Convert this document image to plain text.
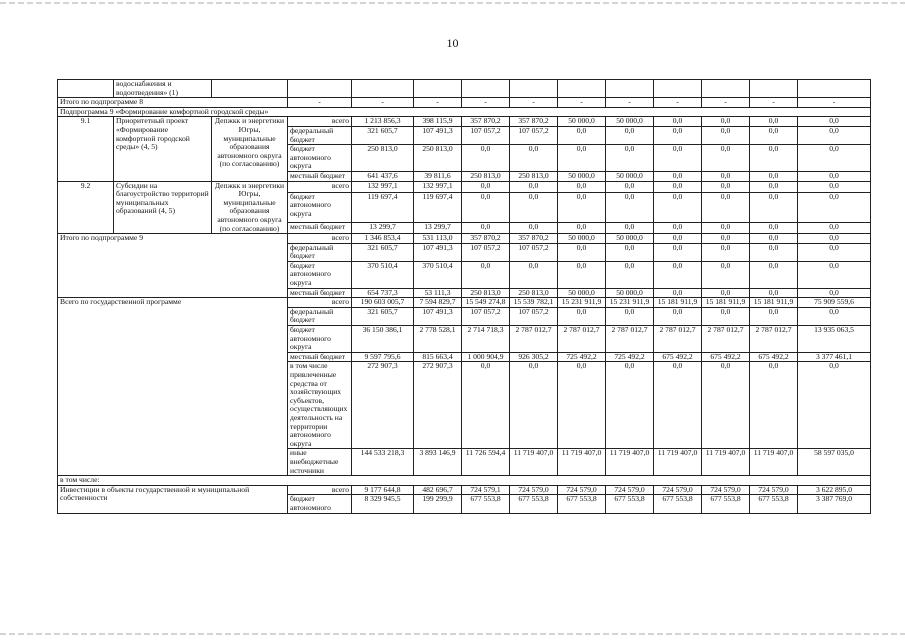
10
	водоснабжения и водоотведения» (1)												
Итого по подпрограмме 8			-	-	-	-	-	-	-	-	-	-	-
Подпрограмма 9 «Формирование комфортной городской среды»													
9.1	Приоритетный проект «Формирование комфортной городской среды» (4, 5)	Депжкк и энергетики Югры, муниципальные образования автономного округа (по согласованию)	всего	1 213 856,3	398 115,9	357 870,2	357 870,2	50 000,0	50 000,0	0,0	0,0	0,0	0,0
			федеральный бюджет	321 605,7	107 491,3	107 057,2	107 057,2	0,0	0,0	0,0	0,0	0,0	0,0
			бюджет автономного округа	250 813,0	250 813,0	0,0	0,0	0,0	0,0	0,0	0,0	0,0	0,0
			местный бюджет	641 437,6	39 811,6	250 813,0	250 813,0	50 000,0	50 000,0	0,0	0,0	0,0	0,0
9.2	Субсидии на благоустройство территорий муниципальных образований (4, 5)	Депжкк и энергетики Югры, муниципальные образования автономного округа (по согласованию)	всего	132 997,1	132 997,1	0,0	0,0	0,0	0,0	0,0	0,0	0,0	0,0
			бюджет автономного округа	119 697,4	119 697,4	0,0	0,0	0,0	0,0	0,0	0,0	0,0	0,0
			местный бюджет	13 299,7	13 299,7	0,0	0,0	0,0	0,0	0,0	0,0	0,0	0,0
Итого по подпрограмме 9			всего	1 346 853,4	531 113,0	357 870,2	357 870,2	50 000,0	50 000,0	0,0	0,0	0,0	0,0
			федеральный бюджет	321 605,7	107 491,3	107 057,2	107 057,2	0,0	0,0	0,0	0,0	0,0	0,0
			бюджет автономного округа	370 510,4	370 510,4	0,0	0,0	0,0	0,0	0,0	0,0	0,0	0,0
			местный бюджет	654 737,3	53 111,3	250 813,0	250 813,0	50 000,0	50 000,0	0,0	0,0	0,0	0,0
Всего по государственной программе			всего	190 603 005,7	7 594 829,7	15 549 274,8	15 539 782,1	15 231 911,9	15 231 911,9	15 181 911,9	15 181 911,9	15 181 911,9	75 909 559,6
			федеральный бюджет	321 605,7	107 491,3	107 057,2	107 057,2	0,0	0,0	0,0	0,0	0,0	0,0
			бюджет автономного округа	36 150 386,1	2 778 528,1	2 714 718,3	2 787 012,7	2 787 012,7	2 787 012,7	2 787 012,7	2 787 012,7	2 787 012,7	13 935 063,5
			местный бюджет	9 597 795,6	815 663,4	1 000 904,9	926 305,2	725 492,2	725 492,2	675 492,2	675 492,2	675 492,2	3 377 461,1
			в том числе привлеченные средства от хозяйствующих субъектов, осуществляющих деятельность на территории автономного округа	272 907,3	272 907,3	0,0	0,0	0,0	0,0	0,0	0,0	0,0	0,0
			иные внебюджетные источники	144 533 218,3	3 893 146,9	11 726 594,4	11 719 407,0	11 719 407,0	11 719 407,0	11 719 407,0	11 719 407,0	11 719 407,0	58 597 035,0
в том числе:													
Инвестиции в объекты государственной и муниципальной собственности			всего	9 177 644,8	482 696,7	724 579,1	724 579,0	724 579,0	724 579,0	724 579,0	724 579,0	724 579,0	3 622 895,0
			бюджет автономного	8 329 945,5	199 299,9	677 553,8	677 553,8	677 553,8	677 553,8	677 553,8	677 553,8	677 553,8	3 387 769,0
